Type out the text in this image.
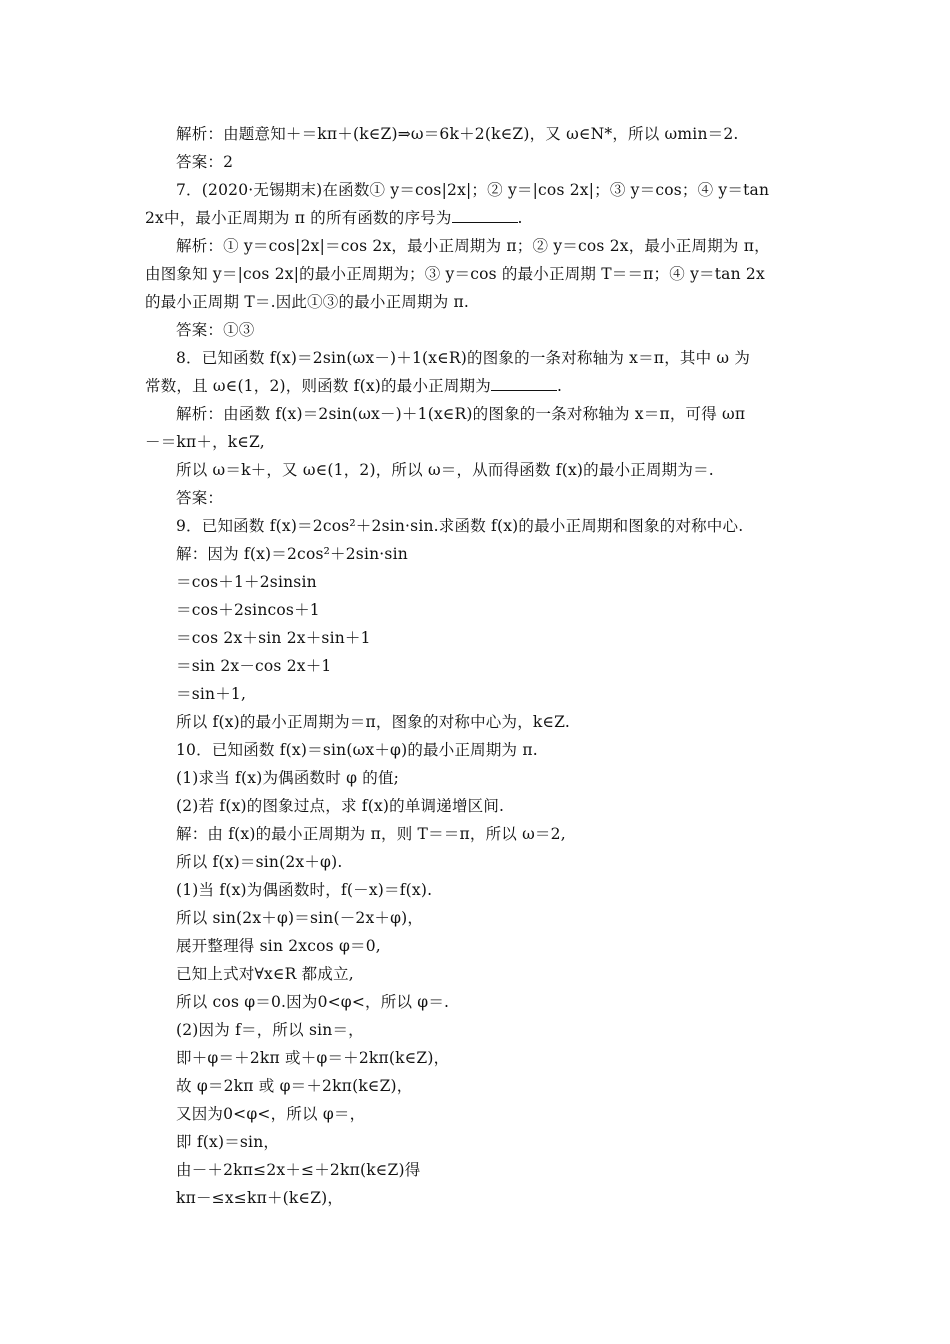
解析：由题意知＋＝kπ＋(k∈Z)⇒ω＝6k＋2(k∈Z)，又 ω∈N*，所以 ωmin＝2.
答案：2
7．(2020·无锡期末)在函数① y＝cos|2x|；② y＝|cos 2x|；③ y＝cos；④ y＝tan
2x中，最小正周期为 π 的所有函数的序号为	.
解析：① y＝cos|2x|＝cos 2x，最小正周期为 π；② y＝cos 2x，最小正周期为 π，
由图象知 y＝|cos 2x|的最小正周期为；③ y＝cos 的最小正周期 T＝＝π；④ y＝tan 2x
的最小正周期 T＝.因此①③的最小正周期为 π.
答案：①③
8．已知函数 f(x)＝2sin(ωx－)＋1(x∈R)的图象的一条对称轴为 x＝π，其中 ω 为
常数，且 ω∈(1，2)，则函数 f(x)的最小正周期为	.
解析：由函数 f(x)＝2sin(ωx－)＋1(x∈R)的图象的一条对称轴为 x＝π，可得 ωπ
－＝kπ＋，k∈Z,
所以 ω＝k＋，又 ω∈(1，2)，所以 ω＝，从而得函数 f(x)的最小正周期为＝.
答案：
9．已知函数 f(x)＝2cos²＋2sin·sin.求函数 f(x)的最小正周期和图象的对称中心.
解：因为 f(x)＝2cos²＋2sin·sin
＝cos＋1＋2sinsin
＝cos＋2sincos＋1
＝cos 2x＋sin 2x＋sin＋1
＝sin 2x－cos 2x＋1
＝sin＋1,
所以 f(x)的最小正周期为＝π，图象的对称中心为，k∈Z.
10．已知函数 f(x)＝sin(ωx＋φ)的最小正周期为 π.
(1)求当 f(x)为偶函数时 φ 的值;
(2)若 f(x)的图象过点，求 f(x)的单调递增区间.
解：由 f(x)的最小正周期为 π，则 T＝＝π，所以 ω＝2,
所以 f(x)＝sin(2x＋φ).
(1)当 f(x)为偶函数时，f(－x)＝f(x).
所以 sin(2x＋φ)＝sin(－2x＋φ)，
展开整理得 sin 2xcos φ＝0,
已知上式对∀x∈R 都成立,
所以 cos φ＝0.因为0<φ<，所以 φ＝.
(2)因为 f＝，所以 sin＝，
即＋φ＝＋2kπ 或＋φ＝＋2kπ(k∈Z)，
故 φ＝2kπ 或 φ＝＋2kπ(k∈Z)，
又因为0<φ<，所以 φ＝，
即 f(x)＝sin，
由－＋2kπ≤2x＋≤＋2kπ(k∈Z)得
kπ－≤x≤kπ＋(k∈Z)，
